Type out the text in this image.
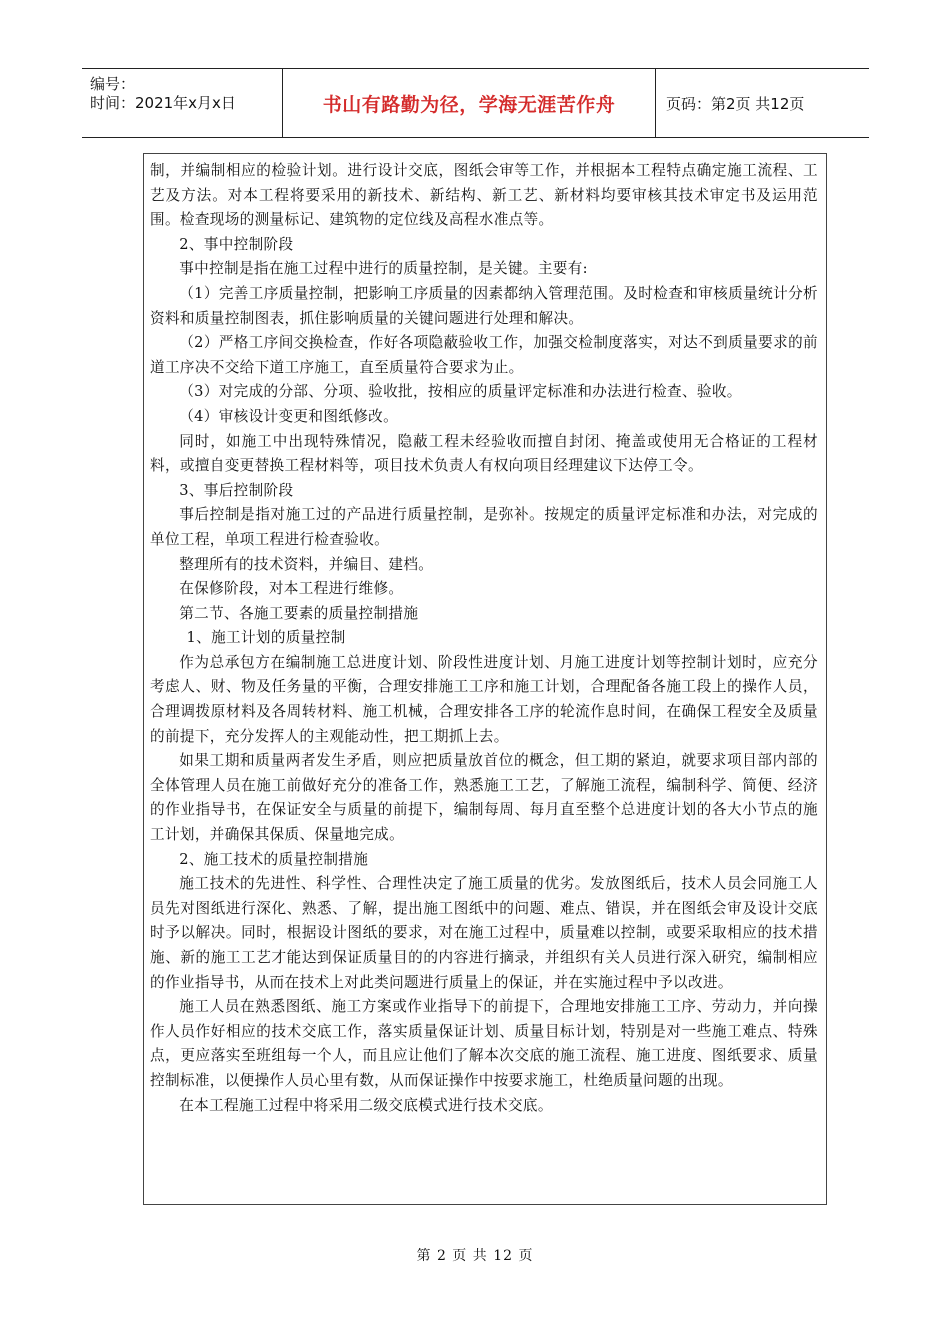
编号：
时间：2021年x月x日	书山有路勤为径，学海无涯苦作舟	页码：第2页 共12页

制，并编制相应的检验计划。进行设计交底，图纸会审等工作，并根据本工程特点确定施工流程、工艺及方法。对本工程将要采用的新技术、新结构、新工艺、新材料均要审核其技术审定书及运用范围。检查现场的测量标记、建筑物的定位线及高程水准点等。

2、事中控制阶段

事中控制是指在施工过程中进行的质量控制，是关键。主要有:

（1）完善工序质量控制，把影响工序质量的因素都纳入管理范围。及时检查和审核质量统计分析资料和质量控制图表，抓住影响质量的关键问题进行处理和解决。

（2）严格工序间交换检查，作好各项隐蔽验收工作，加强交检制度落实，对达不到质量要求的前道工序决不交给下道工序施工，直至质量符合要求为止。

（3）对完成的分部、分项、验收批，按相应的质量评定标准和办法进行检查、验收。

（4）审核设计变更和图纸修改。

同时，如施工中出现特殊情况，隐蔽工程未经验收而擅自封闭、掩盖或使用无合格证的工程材料，或擅自变更替换工程材料等，项目技术负责人有权向项目经理建议下达停工令。

3、事后控制阶段

事后控制是指对施工过的产品进行质量控制，是弥补。按规定的质量评定标准和办法，对完成的单位工程，单项工程进行检查验收。

整理所有的技术资料，并编目、建档。

在保修阶段，对本工程进行维修。

第二节、各施工要素的质量控制措施

1、施工计划的质量控制

作为总承包方在编制施工总进度计划、阶段性进度计划、月施工进度计划等控制计划时，应充分考虑人、财、物及任务量的平衡，合理安排施工工序和施工计划，合理配备各施工段上的操作人员，合理调拨原材料及各周转材料、施工机械，合理安排各工序的轮流作息时间，在确保工程安全及质量的前提下，充分发挥人的主观能动性，把工期抓上去。

如果工期和质量两者发生矛盾，则应把质量放首位的概念，但工期的紧迫，就要求项目部内部的全体管理人员在施工前做好充分的准备工作，熟悉施工工艺，了解施工流程，编制科学、简便、经济的作业指导书，在保证安全与质量的前提下，编制每周、每月直至整个总进度计划的各大小节点的施工计划，并确保其保质、保量地完成。

2、施工技术的质量控制措施

施工技术的先进性、科学性、合理性决定了施工质量的优劣。发放图纸后，技术人员会同施工人员先对图纸进行深化、熟悉、了解，提出施工图纸中的问题、难点、错误，并在图纸会审及设计交底时予以解决。同时，根据设计图纸的要求，对在施工过程中，质量难以控制，或要采取相应的技术措施、新的施工工艺才能达到保证质量目的的内容进行摘录，并组织有关人员进行深入研究，编制相应的作业指导书，从而在技术上对此类问题进行质量上的保证，并在实施过程中予以改进。

施工人员在熟悉图纸、施工方案或作业指导下的前提下，合理地安排施工工序、劳动力，并向操作人员作好相应的技术交底工作，落实质量保证计划、质量目标计划，特别是对一些施工难点、特殊点，更应落实至班组每一个人，而且应让他们了解本次交底的施工流程、施工进度、图纸要求、质量控制标准，以便操作人员心里有数，从而保证操作中按要求施工，杜绝质量问题的出现。

在本工程施工过程中将采用二级交底模式进行技术交底。

第 2 页 共 12 页
